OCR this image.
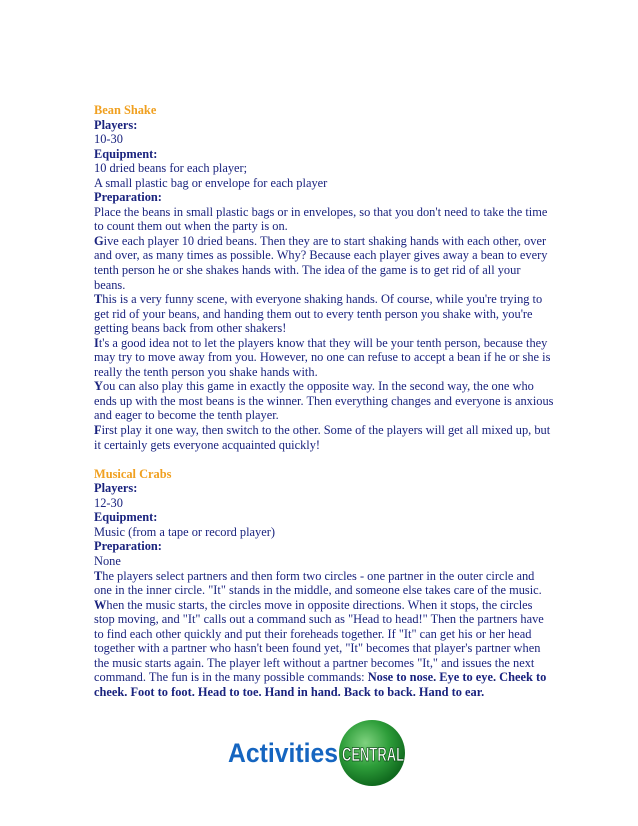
Bean Shake
Players:
10-30
Equipment:
10 dried beans for each player;
A small plastic bag or envelope for each player
Preparation:
Place the beans in small plastic bags or in envelopes, so that you don't need to take the time to count them out when the party is on.
Give each player 10 dried beans. Then they are to start shaking hands with each other, over and over, as many times as possible. Why? Because each player gives away a bean to every tenth person he or she shakes hands with. The idea of the game is to get rid of all your beans.
This is a very funny scene, with everyone shaking hands. Of course, while you're trying to get rid of your beans, and handing them out to every tenth person you shake with, you're getting beans back from other shakers!
It's a good idea not to let the players know that they will be your tenth person, because they may try to move away from you. However, no one can refuse to accept a bean if he or she is really the tenth person you shake hands with.
You can also play this game in exactly the opposite way. In the second way, the one who ends up with the most beans is the winner. Then everything changes and everyone is anxious and eager to become the tenth player.
First play it one way, then switch to the other. Some of the players will get all mixed up, but it certainly gets everyone acquainted quickly!
Musical Crabs
Players:
12-30
Equipment:
Music (from a tape or record player)
Preparation:
None
The players select partners and then form two circles - one partner in the outer circle and one in the inner circle. "It" stands in the middle, and someone else takes care of the music.
When the music starts, the circles move in opposite directions. When it stops, the circles stop moving, and "It" calls out a command such as "Head to head!" Then the partners have to find each other quickly and put their foreheads together. If "It" can get his or her head together with a partner who hasn't been found yet, "It" becomes that player's partner when the music starts again. The player left without a partner becomes "It," and issues the next command. The fun is in the many possible commands: Nose to nose. Eye to eye. Cheek to cheek. Foot to foot. Head to toe. Hand in hand. Back to back. Hand to ear.
Activities CENTRAL
